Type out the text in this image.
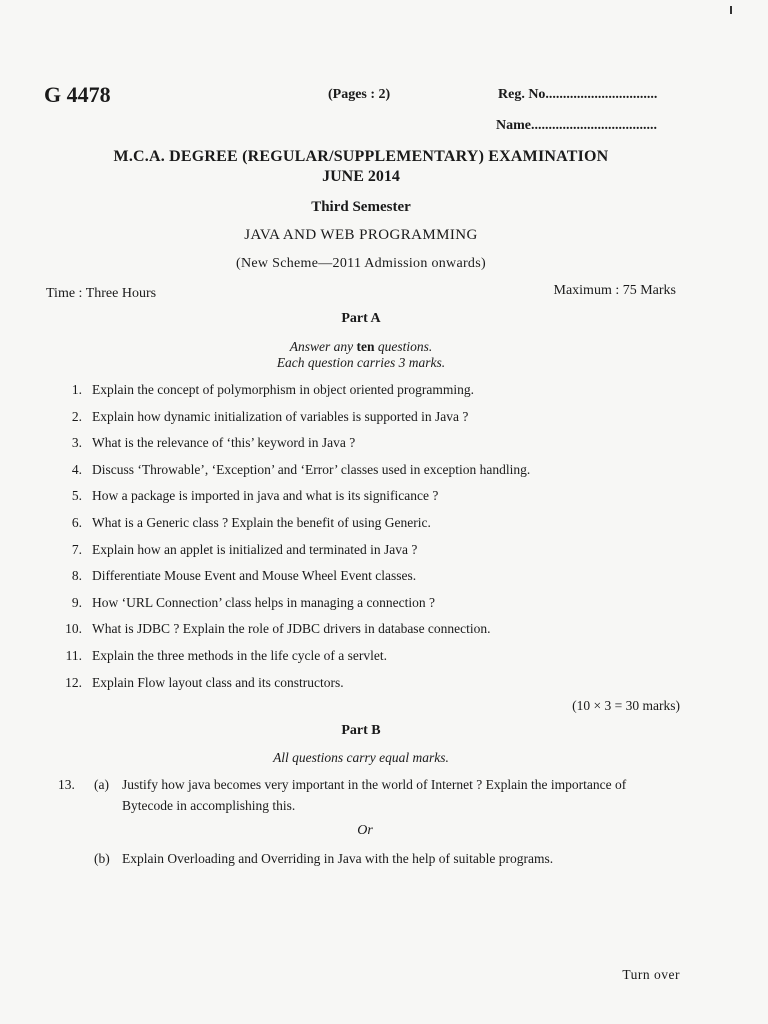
G 4478	(Pages : 2)	Reg. No................................
Name....................................
M.C.A. DEGREE (REGULAR/SUPPLEMENTARY) EXAMINATION
JUNE 2014
Third Semester
JAVA AND WEB PROGRAMMING
(New Scheme—2011 Admission onwards)
Time : Three Hours	Maximum : 75 Marks
Part A
Answer any ten questions.
Each question carries 3 marks.
1. Explain the concept of polymorphism in object oriented programming.
2. Explain how dynamic initialization of variables is supported in Java ?
3. What is the relevance of ‘this’ keyword in Java ?
4. Discuss ‘Throwable’, ‘Exception’ and ‘Error’ classes used in exception handling.
5. How a package is imported in java and what is its significance ?
6. What is a Generic class ? Explain the benefit of using Generic.
7. Explain how an applet is initialized and terminated in Java ?
8. Differentiate Mouse Event and Mouse Wheel Event classes.
9. How ‘URL Connection’ class helps in managing a connection ?
10. What is JDBC ? Explain the role of JDBC drivers in database connection.
11. Explain the three methods in the life cycle of a servlet.
12. Explain Flow layout class and its constructors.
(10 × 3 = 30 marks)
Part B
All questions carry equal marks.
13. (a) Justify how java becomes very important in the world of Internet ? Explain the importance of
Bytecode in accomplishing this.
Or
(b) Explain Overloading and Overriding in Java with the help of suitable programs.
Turn over
